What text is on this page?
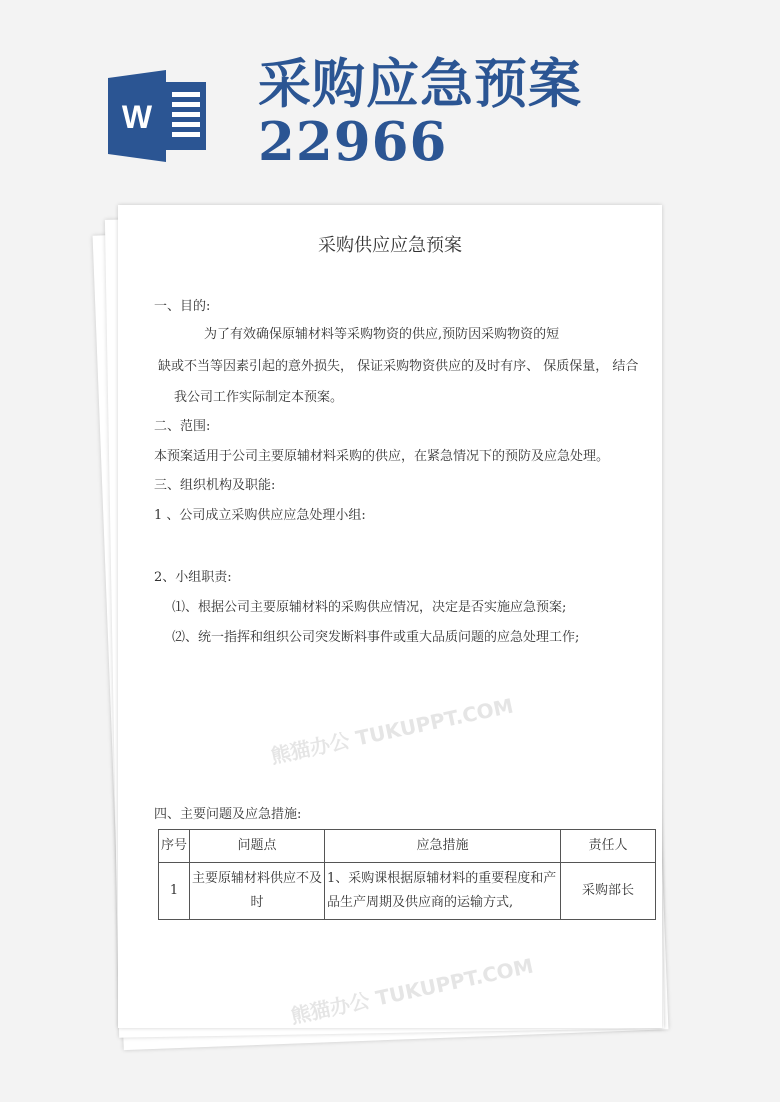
W
采购应急预案22966
采购供应应急预案
一、目的:
为了有效确保原辅材料等采购物资的供应,预防因采购物资的短
缺或不当等因素引起的意外损失， 保证采购物资供应的及时有序、 保质保量， 结合
我公司工作实际制定本预案。
二、范围:
本预案适用于公司主要原辅材料采购的供应，在紧急情况下的预防及应急处理。
三、组织机构及职能:
1 、公司成立采购供应应急处理小组:
2、小组职责:
⑴、根据公司主要原辅材料的采购供应情况，决定是否实施应急预案;
⑵、统一指挥和组织公司突发断料事件或重大品质问题的应急处理工作;
熊猫办公 TUKUPPT.COM
四、主要问题及应急措施:
序号	问题点	应急措施	责任人
1	主要原辅材料供应不及时	1、采购课根据原辅材料的重要程度和产品生产周期及供应商的运输方式,	采购部长
熊猫办公 TUKUPPT.COM
